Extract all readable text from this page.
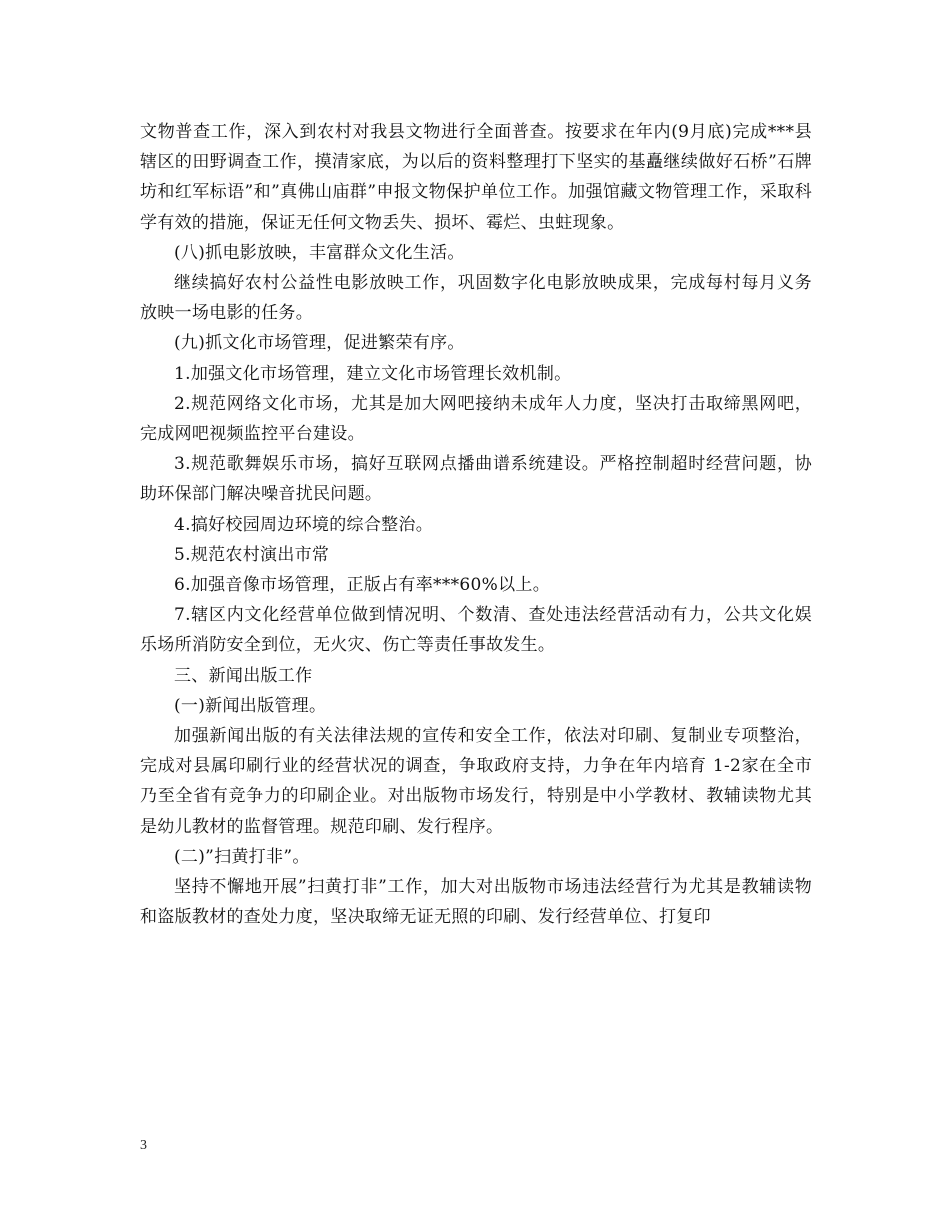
文物普查工作，深入到农村对我县文物进行全面普查。按要求在年内(9月底)完成***县辖区的田野调查工作，摸清家底，为以后的资料整理打下坚实的基矗继续做好石桥”石牌坊和红军标语”和”真佛山庙群”申报文物保护单位工作。加强馆藏文物管理工作，采取科学有效的措施，保证无任何文物丢失、损坏、霉烂、虫蛀现象。

(八)抓电影放映，丰富群众文化生活。

继续搞好农村公益性电影放映工作，巩固数字化电影放映成果，完成每村每月义务放映一场电影的任务。

(九)抓文化市场管理，促进繁荣有序。

1.加强文化市场管理，建立文化市场管理长效机制。

2.规范网络文化市场，尤其是加大网吧接纳未成年人力度，坚决打击取缔黑网吧，完成网吧视频监控平台建设。

3.规范歌舞娱乐市场，搞好互联网点播曲谱系统建设。严格控制超时经营问题，协助环保部门解决噪音扰民问题。

4.搞好校园周边环境的综合整治。

5.规范农村演出市常

6.加强音像市场管理，正版占有率***60%以上。

7.辖区内文化经营单位做到情况明、个数清、查处违法经营活动有力，公共文化娱乐场所消防安全到位，无火灾、伤亡等责任事故发生。

三、新闻出版工作

(一)新闻出版管理。

加强新闻出版的有关法律法规的宣传和安全工作，依法对印刷、复制业专项整治，完成对县属印刷行业的经营状况的调查，争取政府支持，力争在年内培育 1-2家在全市乃至全省有竞争力的印刷企业。对出版物市场发行，特别是中小学教材、教辅读物尤其是幼儿教材的监督管理。规范印刷、发行程序。

(二)”扫黄打非”。

坚持不懈地开展”扫黄打非”工作，加大对出版物市场违法经营行为尤其是教辅读物和盗版教材的查处力度，坚决取缔无证无照的印刷、发行经营单位、打复印

3
